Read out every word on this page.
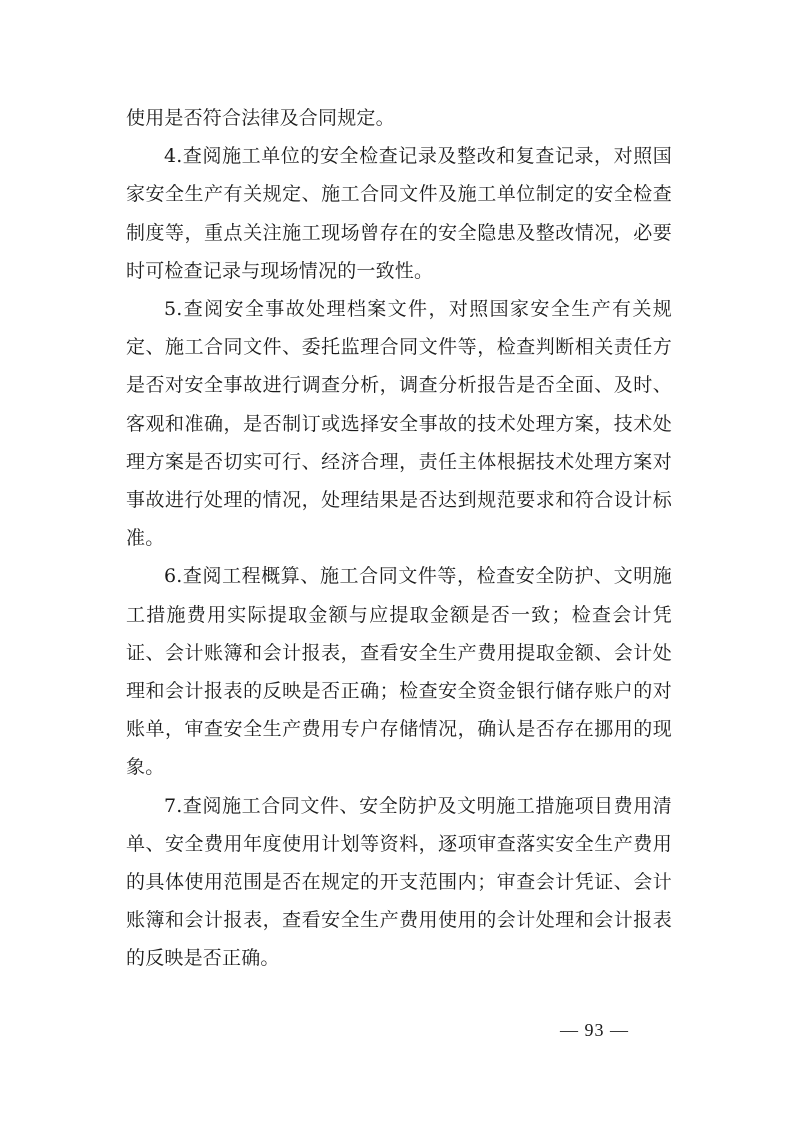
使用是否符合法律及合同规定。

4.查阅施工单位的安全检查记录及整改和复查记录，对照国家安全生产有关规定、施工合同文件及施工单位制定的安全检查制度等，重点关注施工现场曾存在的安全隐患及整改情况，必要时可检查记录与现场情况的一致性。

5.查阅安全事故处理档案文件，对照国家安全生产有关规定、施工合同文件、委托监理合同文件等，检查判断相关责任方是否对安全事故进行调查分析，调查分析报告是否全面、及时、客观和准确，是否制订或选择安全事故的技术处理方案，技术处理方案是否切实可行、经济合理，责任主体根据技术处理方案对事故进行处理的情况，处理结果是否达到规范要求和符合设计标准。

6.查阅工程概算、施工合同文件等，检查安全防护、文明施工措施费用实际提取金额与应提取金额是否一致；检查会计凭证、会计账簿和会计报表，查看安全生产费用提取金额、会计处理和会计报表的反映是否正确；检查安全资金银行储存账户的对账单，审查安全生产费用专户存储情况，确认是否存在挪用的现象。

7.查阅施工合同文件、安全防护及文明施工措施项目费用清单、安全费用年度使用计划等资料，逐项审查落实安全生产费用的具体使用范围是否在规定的开支范围内；审查会计凭证、会计账簿和会计报表，查看安全生产费用使用的会计处理和会计报表的反映是否正确。

— 93 —
